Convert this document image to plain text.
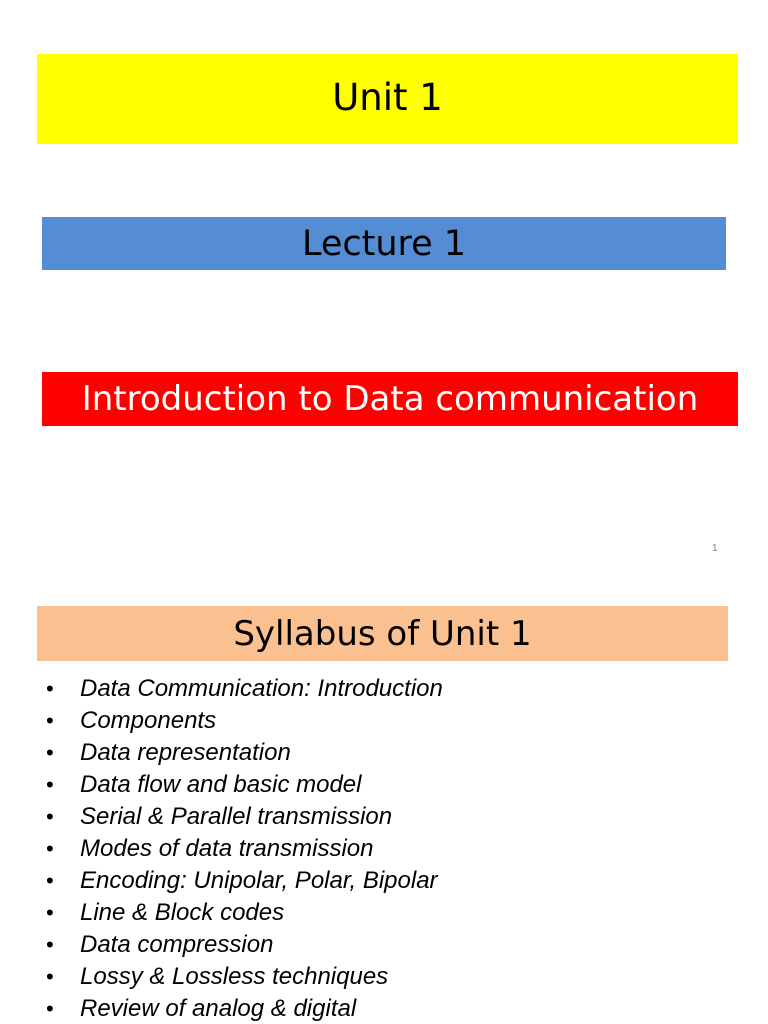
Unit 1
Lecture 1
Introduction to Data communication
1
Syllabus of Unit 1
• Data Communication: Introduction
• Components
• Data representation
• Data flow and basic model
• Serial & Parallel transmission
• Modes of data transmission
• Encoding: Unipolar, Polar, Bipolar
• Line & Block codes
• Data compression
• Lossy & Lossless techniques
• Review of analog & digital
